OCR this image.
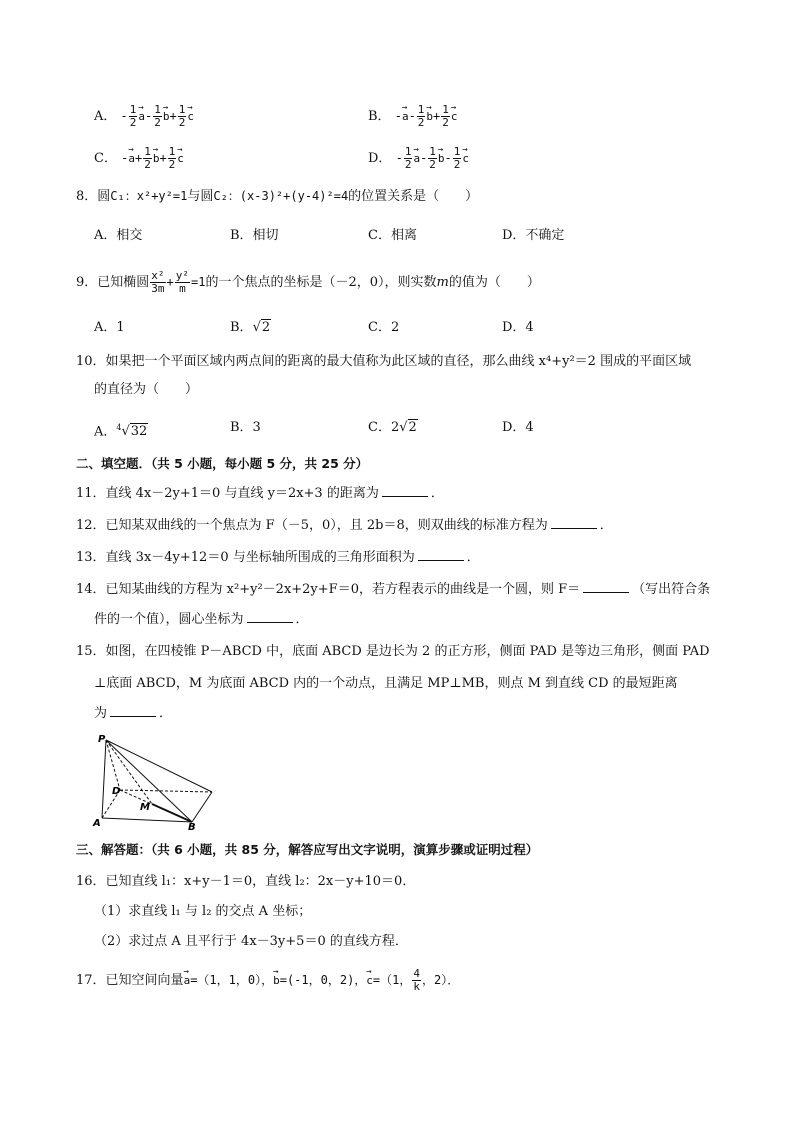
A． - $\frac{1}{2}$
→ $a- \frac{1}{2}$
→ $b+ \frac{1}{2}$
→ c	B． -→ $a- \frac{1}{2}$
→ $b+ \frac{1}{2}$
→ c
C． -→ $a+ \frac{1}{2}$
→ $b+ \frac{1}{2}$
→ c	D． - $\frac{1}{2}$
→ $a- \frac{1}{2}$
→ $b- \frac{1}{2}$
→ c
8．圆C₁：x²+y²=1与圆C₂：(x-3)²+(y-4)²=4的位置关系是（　　）
A．相交	B．相切	C．相离	D．不确定
9．已知椭圆 $\frac{\text{x²}}{3m} + \frac{\text{y²}}{m} =1$的一个焦点的坐标是（－2，0），则实数m的值为（　　）
A．1	B．√2	C．2	D．4
10．如果把一个平面区域内两点间的距离的最大值称为此区域的直径，那么曲线 x⁴+y²＝2 围成的平面区域
的直径为（　　）
A．$^4$√32	B．3	C．2√2	D．4
二、填空题．（共 5 小题，每小题 5 分，共 25 分）
11．直线 4x－2y+1＝0 与直线 y＝2x+3 的距离为	．
12．已知某双曲线的一个焦点为 F（－5，0），且 2b＝8，则双曲线的标准方程为	．
13．直线 3x－4y+12＝0 与坐标轴所围成的三角形面积为	．
14．已知某曲线的方程为 x²+y²－2x+2y+F＝0，若方程表示的曲线是一个圆，则 F＝	（写出符合条
件的一个值），圆心坐标为	．
15．如图，在四棱锥 P－ABCD 中，底面 ABCD 是边长为 2 的正方形，侧面 PAD 是等边三角形，侧面 PAD
⊥底面 ABCD，M 为底面 ABCD 内的一个动点，且满足 MP⊥MB，则点 M 到直线 CD 的最短距离
为	．
P
D
M
A	B
三、解答题：（共 6 小题，共 85 分，解答应写出文字说明，演算步骤或证明过程）
16．已知直线 l₁：x+y－1＝0，直线 l₂：2x－y+10＝0．
（1）求直线 l₁ 与 l₂ 的交点 A 坐标；
（2）求过点 A 且平行于 4x－3y+5＝0 的直线方程．
17．已知空间向量→ a=（1，1，0），→ b=(-1，0，2)，→ c=（1， $\frac{4}{k}$ ，2）．
